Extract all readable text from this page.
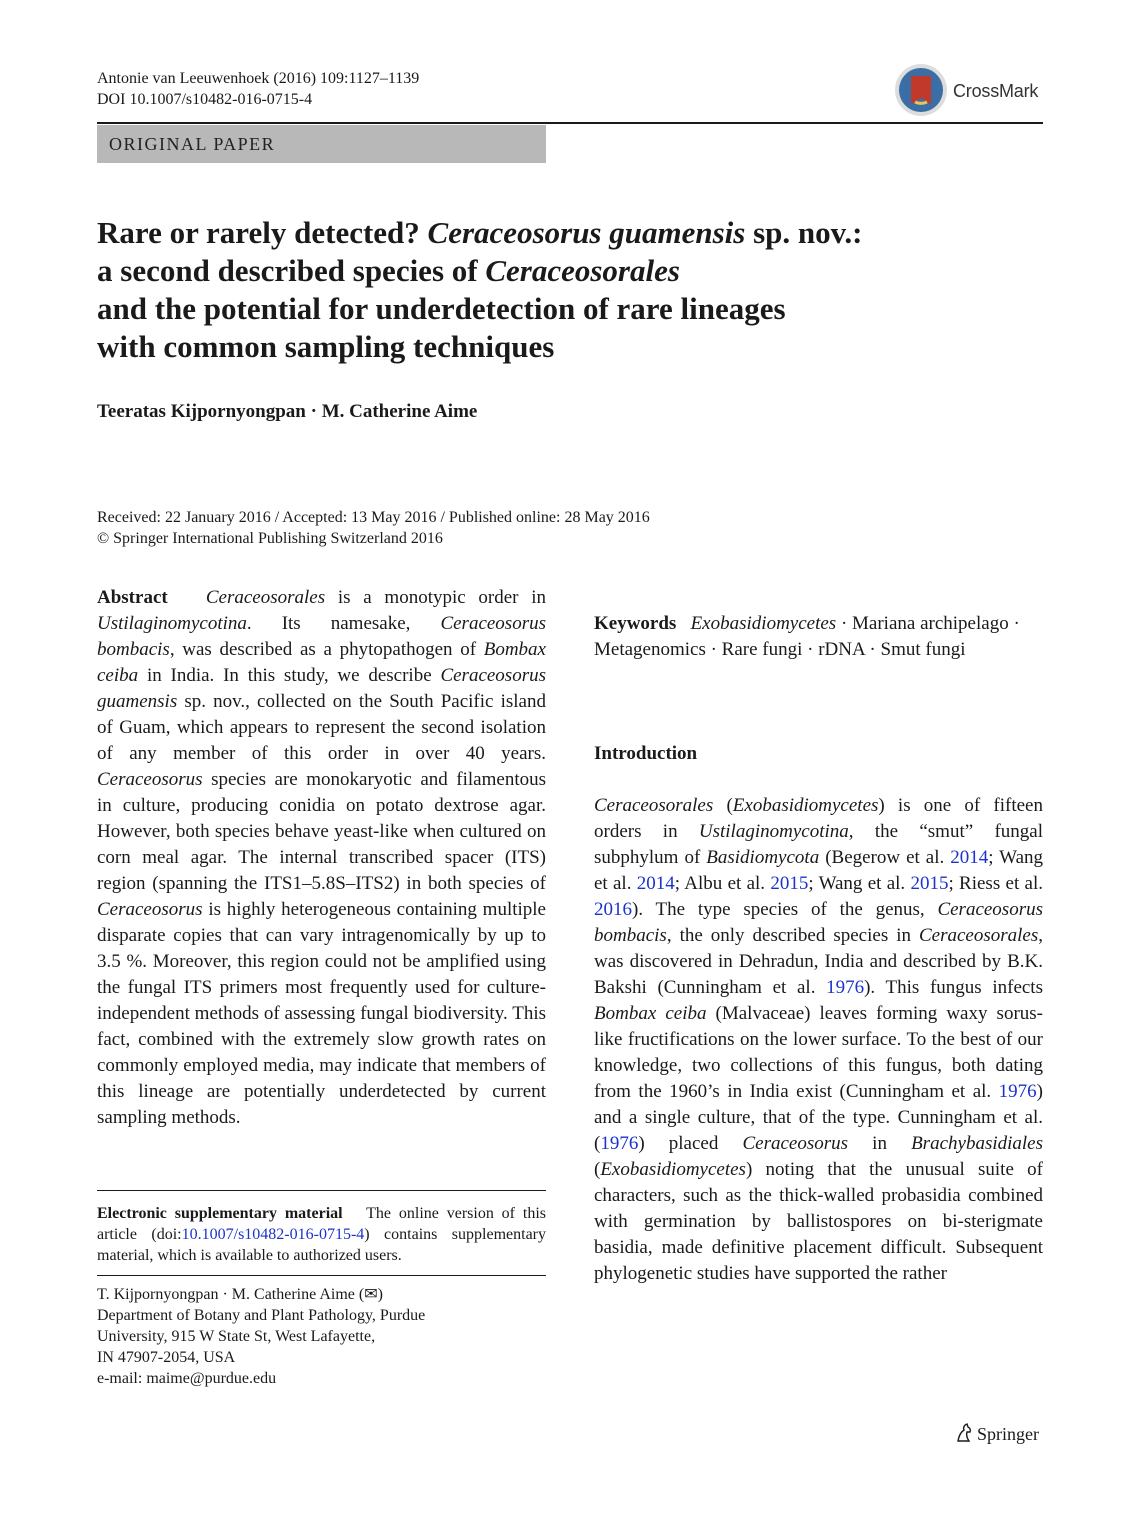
Antonie van Leeuwenhoek (2016) 109:1127–1139
DOI 10.1007/s10482-016-0715-4	CrossMark
ORIGINAL PAPER
Rare or rarely detected? Ceraceosorus guamensis sp. nov.:
a second described species of Ceraceosorales
and the potential for underdetection of rare lineages
with common sampling techniques
Teeratas Kijpornyongpan · M. Catherine Aime
Received: 22 January 2016 / Accepted: 13 May 2016 / Published online: 28 May 2016
© Springer International Publishing Switzerland 2016

Abstract Ceraceosorales is a monotypic order in Ustilaginomycotina. Its namesake, Ceraceosorus bombacis, was described as a phytopathogen of Bombax ceiba in India. In this study, we describe Ceraceosorus guamensis sp. nov., collected on the South Pacific island of Guam, which appears to represent the second isolation of any member of this order in over 40 years. Ceraceosorus species are monokaryotic and filamentous in culture, producing conidia on potato dextrose agar. However, both species behave yeast-like when cultured on corn meal agar. The internal transcribed spacer (ITS) region (spanning the ITS1–5.8S–ITS2) in both species of Ceraceosorus is highly heterogeneous containing multiple disparate copies that can vary intragenomically by up to 3.5 %. Moreover, this region could not be amplified using the fungal ITS primers most frequently used for culture-independent methods of assessing fungal biodiversity. This fact, combined with the extremely slow growth rates on commonly employed media, may indicate that members of this lineage are potentially underdetected by current sampling methods.

Keywords Exobasidiomycetes · Mariana archipelago · Metagenomics · Rare fungi · rDNA · Smut fungi

Introduction

Ceraceosorales (Exobasidiomycetes) is one of fifteen orders in Ustilaginomycotina, the “smut” fungal subphylum of Basidiomycota (Begerow et al. 2014; Wang et al. 2014; Albu et al. 2015; Wang et al. 2015; Riess et al. 2016). The type species of the genus, Ceraceosorus bombacis, the only described species in Ceraceosorales, was discovered in Dehradun, India and described by B.K. Bakshi (Cunningham et al. 1976). This fungus infects Bombax ceiba (Malvaceae) leaves forming waxy sorus-like fructifications on the lower surface. To the best of our knowledge, two collections of this fungus, both dating from the 1960’s in India exist (Cunningham et al. 1976) and a single culture, that of the type. Cunningham et al. (1976) placed Ceraceosorus in Brachybasidiales (Exobasidiomycetes) noting that the unusual suite of characters, such as the thick-walled probasidia combined with germination by ballistospores on bi-sterigmate basidia, made definitive placement difficult. Subsequent phylogenetic studies have supported the rather

Electronic supplementary material The online version of this article (doi:10.1007/s10482-016-0715-4) contains supplementary material, which is available to authorized users.
T. Kijpornyongpan · M. Catherine Aime (✉)
Department of Botany and Plant Pathology, Purdue
University, 915 W State St, West Lafayette,
IN 47907-2054, USA
e-mail: maime@purdue.edu
Springer
